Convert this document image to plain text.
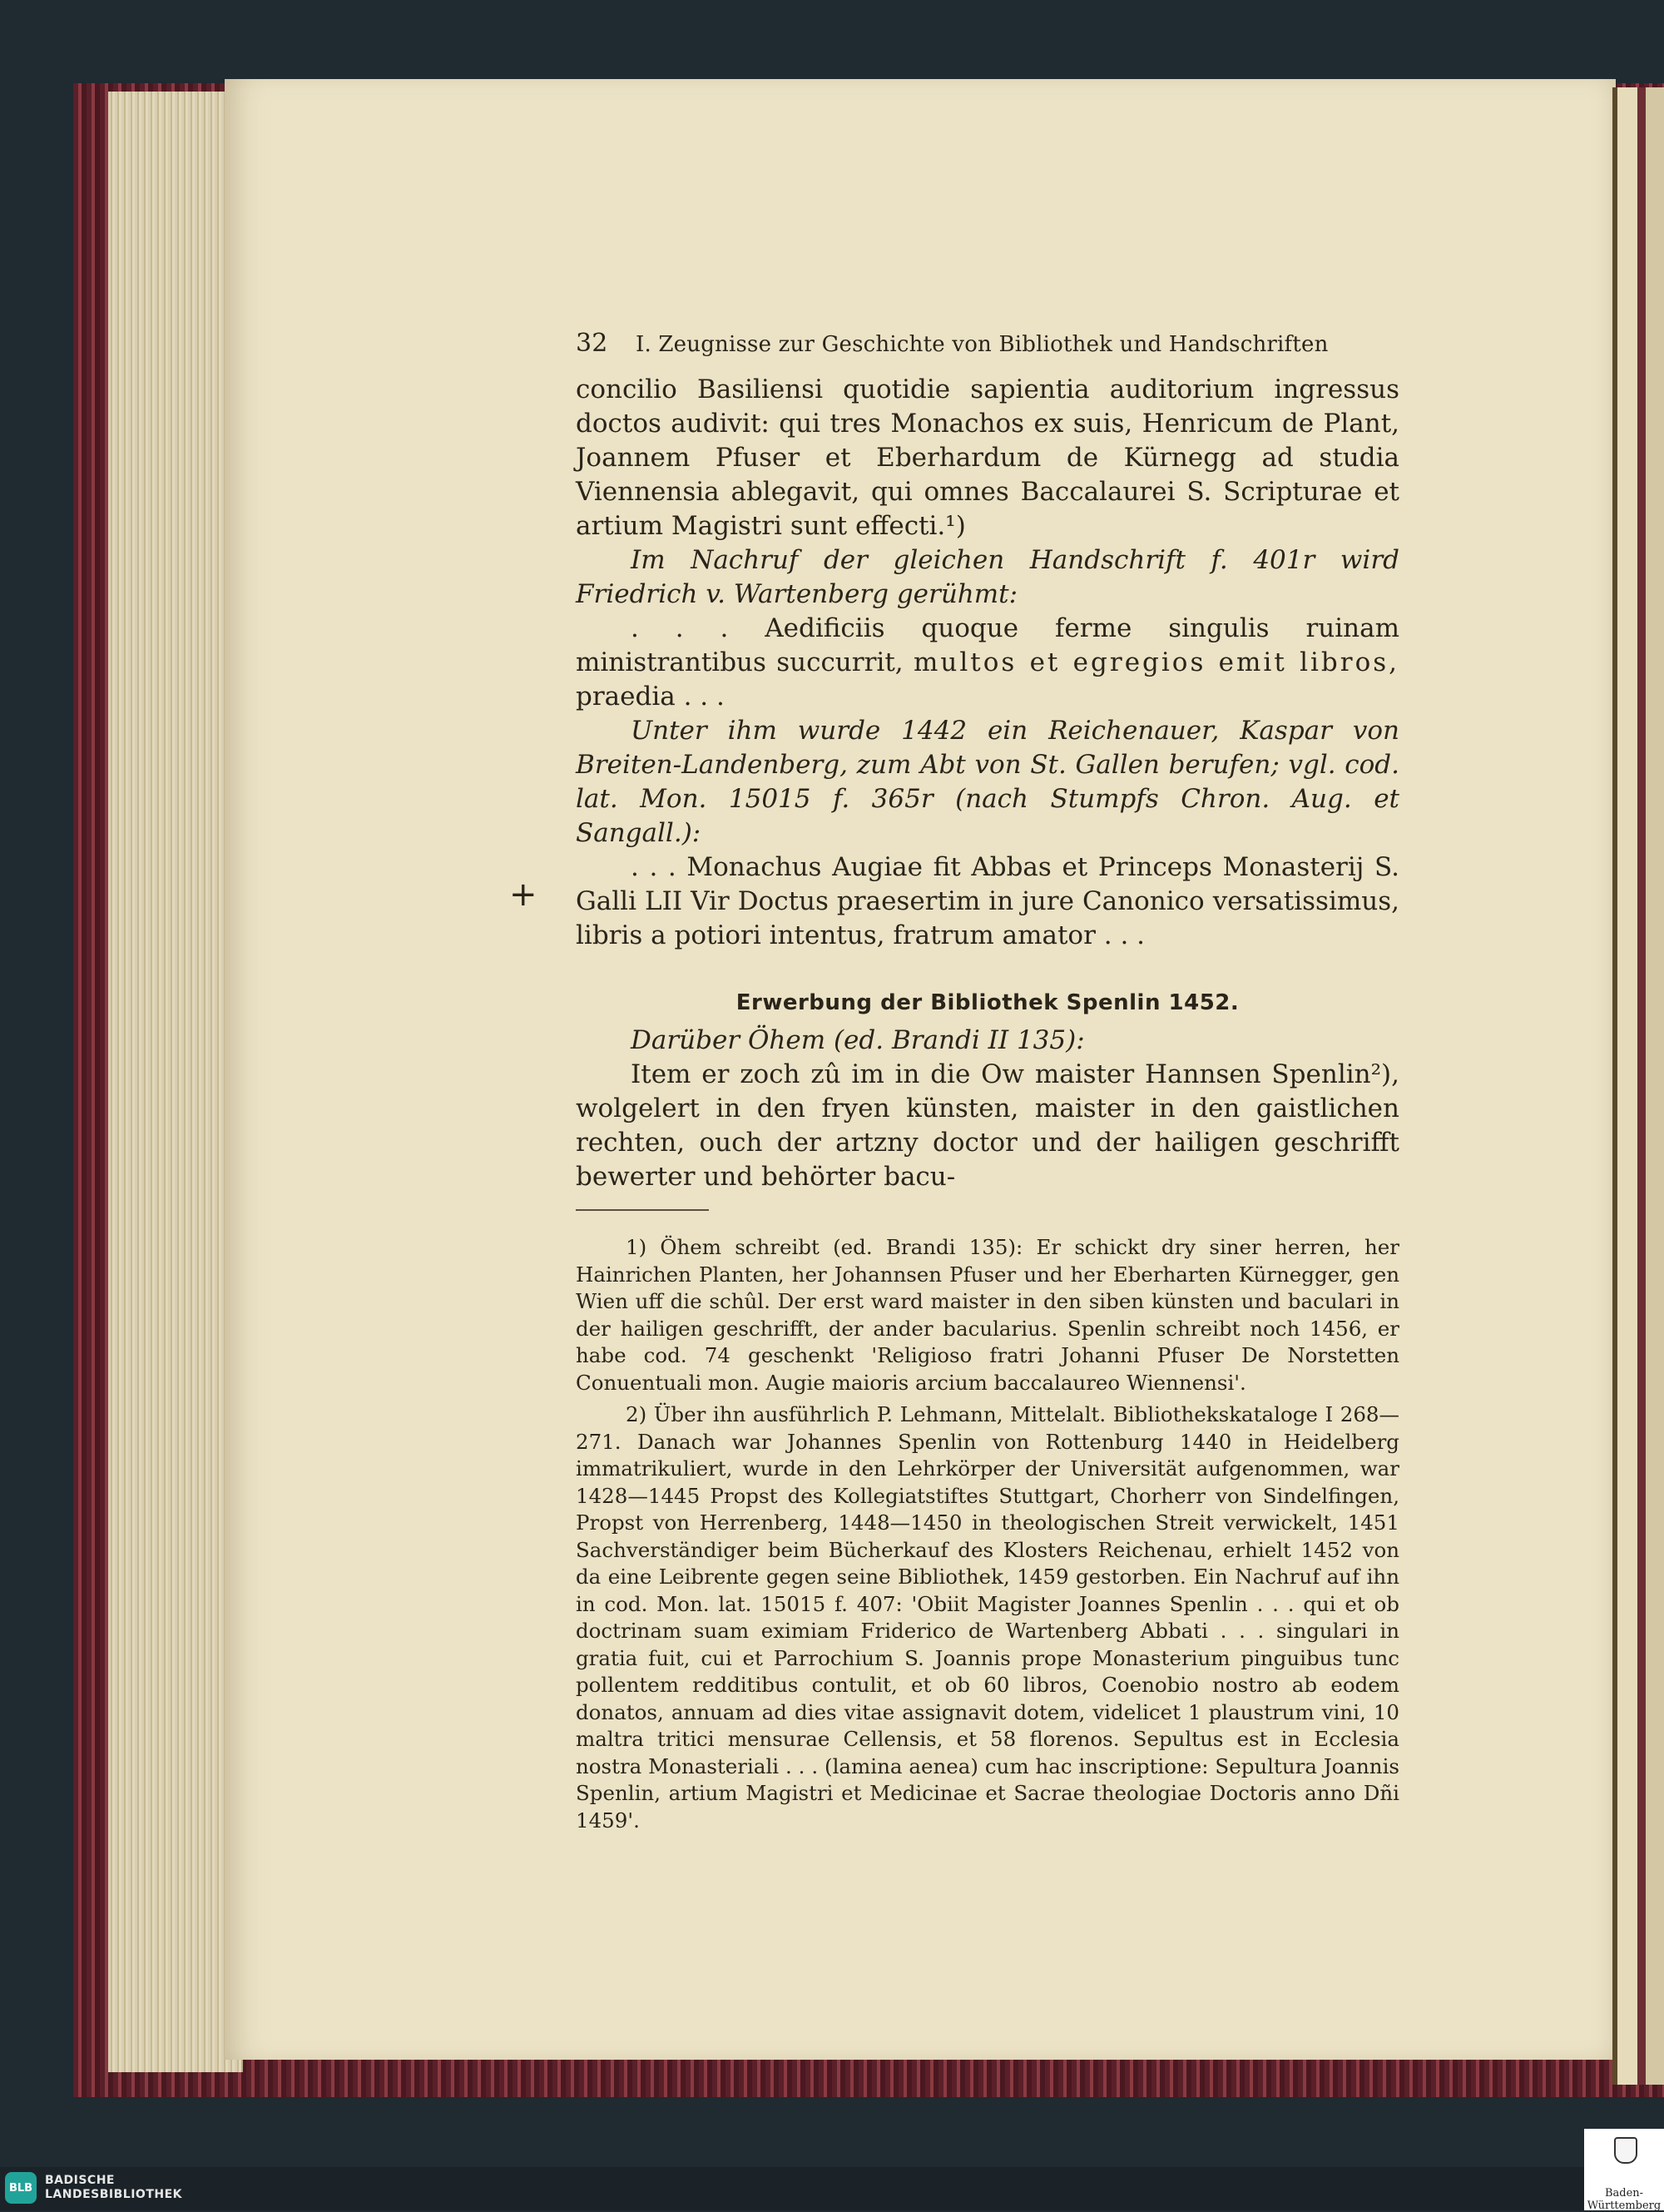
+
32	I. Zeugnisse zur Geschichte von Bibliothek und Handschriften

concilio Basiliensi quotidie sapientia auditorium ingressus doctos audivit: qui tres Monachos ex suis, Henricum de Plant, Joannem Pfuser et Eberhardum de Kürnegg ad studia Viennensia ablegavit, qui omnes Baccalaurei S. Scripturae et artium Magistri sunt effecti.¹)

Im Nachruf der gleichen Handschrift f. 401r wird Friedrich v. Wartenberg gerühmt:

. . . Aedificiis quoque ferme singulis ruinam ministrantibus succurrit, multos et egregios emit libros, praedia . . .

Unter ihm wurde 1442 ein Reichenauer, Kaspar von Breiten-Landenberg, zum Abt von St. Gallen berufen; vgl. cod. lat. Mon. 15015 f. 365r (nach Stumpfs Chron. Aug. et Sangall.):

. . . Monachus Augiae fit Abbas et Princeps Monasterij S. Galli LII Vir Doctus praesertim in jure Canonico versatissimus, libris a potiori intentus, fratrum amator . . .

Erwerbung der Bibliothek Spenlin 1452.

Darüber Öhem (ed. Brandi II 135):

Item er zoch zû im in die Ow maister Hannsen Spenlin²), wolgelert in den fryen künsten, maister in den gaistlichen rechten, ouch der artzny doctor und der hailigen geschrifft bewerter und behörter bacu-

1) Öhem schreibt (ed. Brandi 135): Er schickt dry siner herren, her Hainrichen Planten, her Johannsen Pfuser und her Eberharten Kürnegger, gen Wien uff die schûl. Der erst ward maister in den siben künsten und baculari in der hailigen geschrifft, der ander bacularius. Spenlin schreibt noch 1456, er habe cod. 74 geschenkt 'Religioso fratri Johanni Pfuser De Norstetten Conuentuali mon. Augie maioris arcium baccalaureo Wiennensi'.

2) Über ihn ausführlich P. Lehmann, Mittelalt. Bibliothekskataloge I 268—271. Danach war Johannes Spenlin von Rottenburg 1440 in Heidelberg immatrikuliert, wurde in den Lehrkörper der Universität aufgenommen, war 1428—1445 Propst des Kollegiatstiftes Stuttgart, Chorherr von Sindelfingen, Propst von Herrenberg, 1448—1450 in theologischen Streit verwickelt, 1451 Sachverständiger beim Bücherkauf des Klosters Reichenau, erhielt 1452 von da eine Leibrente gegen seine Bibliothek, 1459 gestorben. Ein Nachruf auf ihn in cod. Mon. lat. 15015 f. 407: 'Obiit Magister Joannes Spenlin . . . qui et ob doctrinam suam eximiam Friderico de Wartenberg Abbati . . . singulari in gratia fuit, cui et Parrochium S. Joannis prope Monasterium pinguibus tunc pollentem redditibus contulit, et ob 60 libros, Coenobio nostro ab eodem donatos, annuam ad dies vitae assignavit dotem, videlicet 1 plaustrum vini, 10 maltra tritici mensurae Cellensis, et 58 florenos. Sepultus est in Ecclesia nostra Monasteriali . . . (lamina aenea) cum hac inscriptione: Sepultura Joannis Spenlin, artium Magistri et Medicinae et Sacrae theologiae Doctoris anno Dñi 1459'.

BLB
BADISCHE
LANDESBIBLIOTHEK	Baden-Württemberg
